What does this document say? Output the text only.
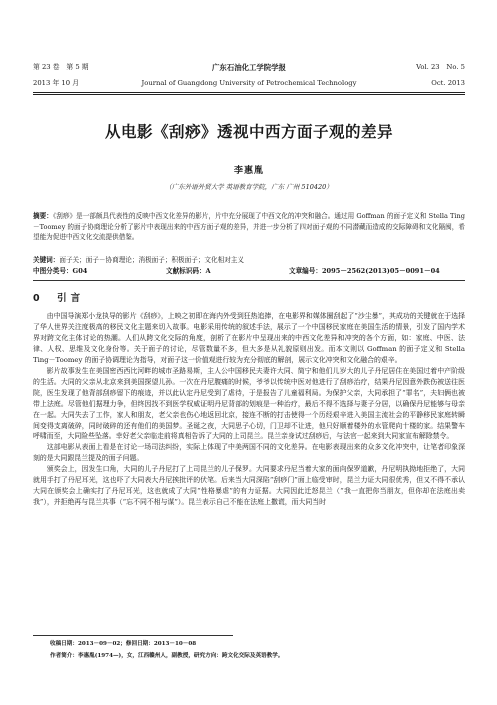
第 23 卷　第 5 期	广东石油化工学院学报	Vol. 23　No. 5
2013 年 10 月	Journal of Guangdong University of Petrochemical Technology	Oct. 2013
从电影《刮痧》透视中西方面子观的差异
李惠胤
（广东外语外贸大学 英语教育学院，广东 广州 510420）
摘要：《刮痧》是一部颇具代表性的反映中西文化差异的影片，片中充分展现了中西文化的冲突和融合。通过用 Goffman 的面子定义和 Stella Ting－Toomey 的面子协商理论分析了影片中表现出来的中西方面子观的差异，并进一步分析了四对面子观的不同潜藏而造成的交际障碍和文化隔阂，希望能为促进中西文化交流提供借鉴。
关键词：面子关；面子－协商理论；消极面子；积极面子；文化相对主义
中图分类号：G04	文献标识码：A	文章编号：2095－2562(2013)05－0091－04
0　引言

由中国导演郑小龙执导的影片《刮痧》，上映之初即在海内外受到狂热追捧，在电影界和媒体圈刮起了“沙尘暴”，其成功的关键就在于选择了华人世界关注度极高的移民文化主题来切入故事。电影采用传统的叙述手法，展示了一个中国移民家庭在美国生活的情景，引发了国内学术界对跨文化主体讨论的热潮。人们从跨文化交际的角度，剖析了在影片中呈现出来的中西文化差异和冲突的各个方面，如：家庭、中医、法律、人权、思维及文化身份等。关于面子的讨论，尽管数量不多，但大多是从礼貌原则出发。而本文则以 Goffman 的面子定义和 Stella Ting－Toomey 的面子协调理论为指导，对面子这一价值观进行较为充分彻底的解剖，展示文化冲突和文化融合的艰辛。

影片故事发生在美国密西西比河畔的城市圣路易斯，主人公中国移民夫妻许大同、简宁和他们儿岁大的儿子丹尼居住在美国过着中产阶级的生活。大同的父亲从北京来到美国探望儿孙。一次在丹尼腹痛的时候，爷爷以传统中医对他进行了刮痧治疗，结果丹尼因意外跌伤被送往医院，医生发现了他背部刮痧留下的痕迹，并以此认定丹尼受到了虐待，于是报告了儿童福利局。为保护父亲，大同承担了“罪名”，夫妇俩也被带上法庭。尽管他们据理力争，但终因找不到医学权威证明丹尼背部的划痕是一种治疗，最后不得不选择与妻子分居，以确保丹尼能够与母亲在一起。大同失去了工作，家人和朋友，老父亲也伤心地返回北京，接连不断的打击使得一个历经艰辛进入美国主流社会的平静移民家庭转瞬间变得支离破碎，同时破碎的还有他们的美国梦。圣诞之夜，大同思子心切，门卫却不让进，他只好顺着楼外的水管爬向十楼的家。结果警车呼啸而至，大同险些坠落。幸好老父亲临走前将真相告诉了大同的上司昆兰。昆兰亲身试过刮痧后，与法官一起来到大同家宣布解除禁令。

这部电影从表面上看是在讨论一场司法纠纷，实际上体现了中美两国不同的文化差异。在电影表现出来的众多文化冲突中，让笔者印象深刻的是大同跟昆兰提及的面子问题。

颁奖会上，因发生口角，大同的儿子丹尼打了上司昆兰的儿子保罗。大同要求丹尼当着大家的面向保罗道歉，丹尼明执拗地拒绝了，大同就用手打了丹尼耳光，这也吓了大同表大丹尼挨批评的伏笔。后来当大同深陷“刮痧门”面上临受审时，昆兰力证大同很优秀，但又不得不承认大同在颁奖会上确实打了丹尼耳光，这也就成了大同“性格暴虐”的有力证据。大同因此迁怒昆兰（“我一直把你当朋友，但你却在法庭出卖我”），并拒绝再与昆兰共事（“忘不同不相与谋”）。昆兰表示自己不能在法庭上撒谎，而大同当时

收稿日期：2013－09－02；修回日期：2013－10－08
作者简介：李惠胤(1974—)，女，江西赣州人，副教授，研究方向：跨文化交际及英语教学。
